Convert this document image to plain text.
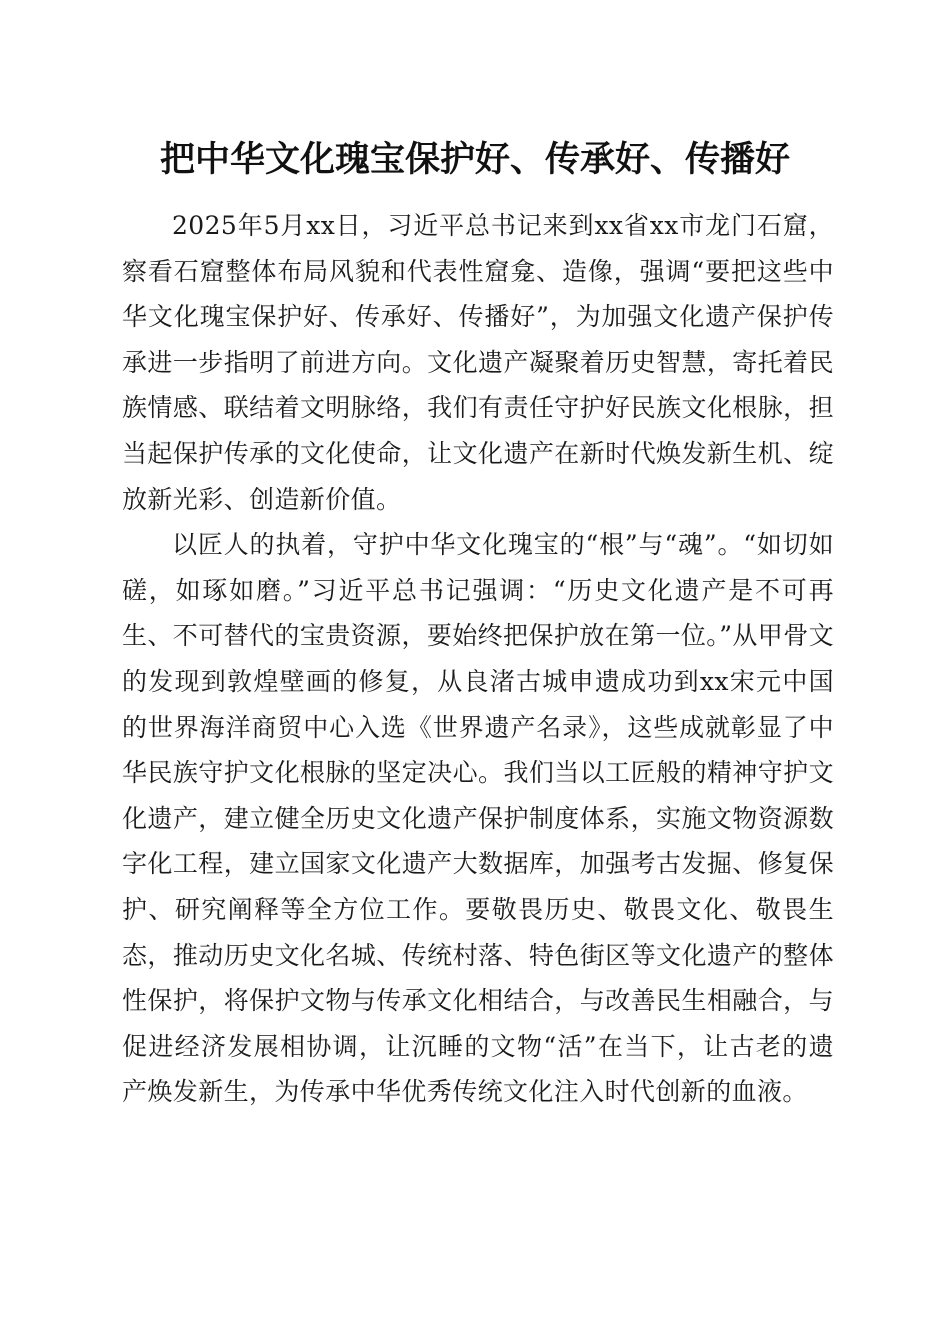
把中华文化瑰宝保护好、传承好、传播好

2025年5月xx日，习近平总书记来到xx省xx市龙门石窟，察看石窟整体布局风貌和代表性窟龛、造像，强调“要把这些中华文化瑰宝保护好、传承好、传播好”，为加强文化遗产保护传承进一步指明了前进方向。文化遗产凝聚着历史智慧，寄托着民族情感、联结着文明脉络，我们有责任守护好民族文化根脉，担当起保护传承的文化使命，让文化遗产在新时代焕发新生机、绽放新光彩、创造新价值。

以匠人的执着，守护中华文化瑰宝的“根”与“魂”。“如切如磋，如琢如磨。”习近平总书记强调：“历史文化遗产是不可再生、不可替代的宝贵资源，要始终把保护放在第一位。”从甲骨文的发现到敦煌壁画的修复，从良渚古城申遗成功到xx宋元中国的世界海洋商贸中心入选《世界遗产名录》，这些成就彰显了中华民族守护文化根脉的坚定决心。我们当以工匠般的精神守护文化遗产，建立健全历史文化遗产保护制度体系，实施文物资源数字化工程，建立国家文化遗产大数据库，加强考古发掘、修复保护、研究阐释等全方位工作。要敬畏历史、敬畏文化、敬畏生态，推动历史文化名城、传统村落、特色街区等文化遗产的整体性保护，将保护文物与传承文化相结合，与改善民生相融合，与促进经济发展相协调，让沉睡的文物“活”在当下，让古老的遗产焕发新生，为传承中华优秀传统文化注入时代创新的血液。
